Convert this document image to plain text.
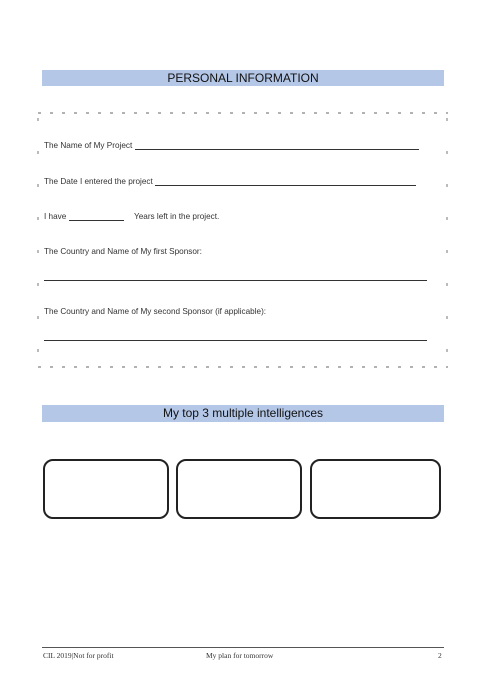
PERSONAL INFORMATION
The Name of My Project
The Date I entered the project
I have	Years left in the project.
The Country and Name of My first Sponsor:
The Country and Name of My second Sponsor (if applicable):
My top 3 multiple intelligences
CIL 2019|Not for profit	My plan for tomorrow	2
